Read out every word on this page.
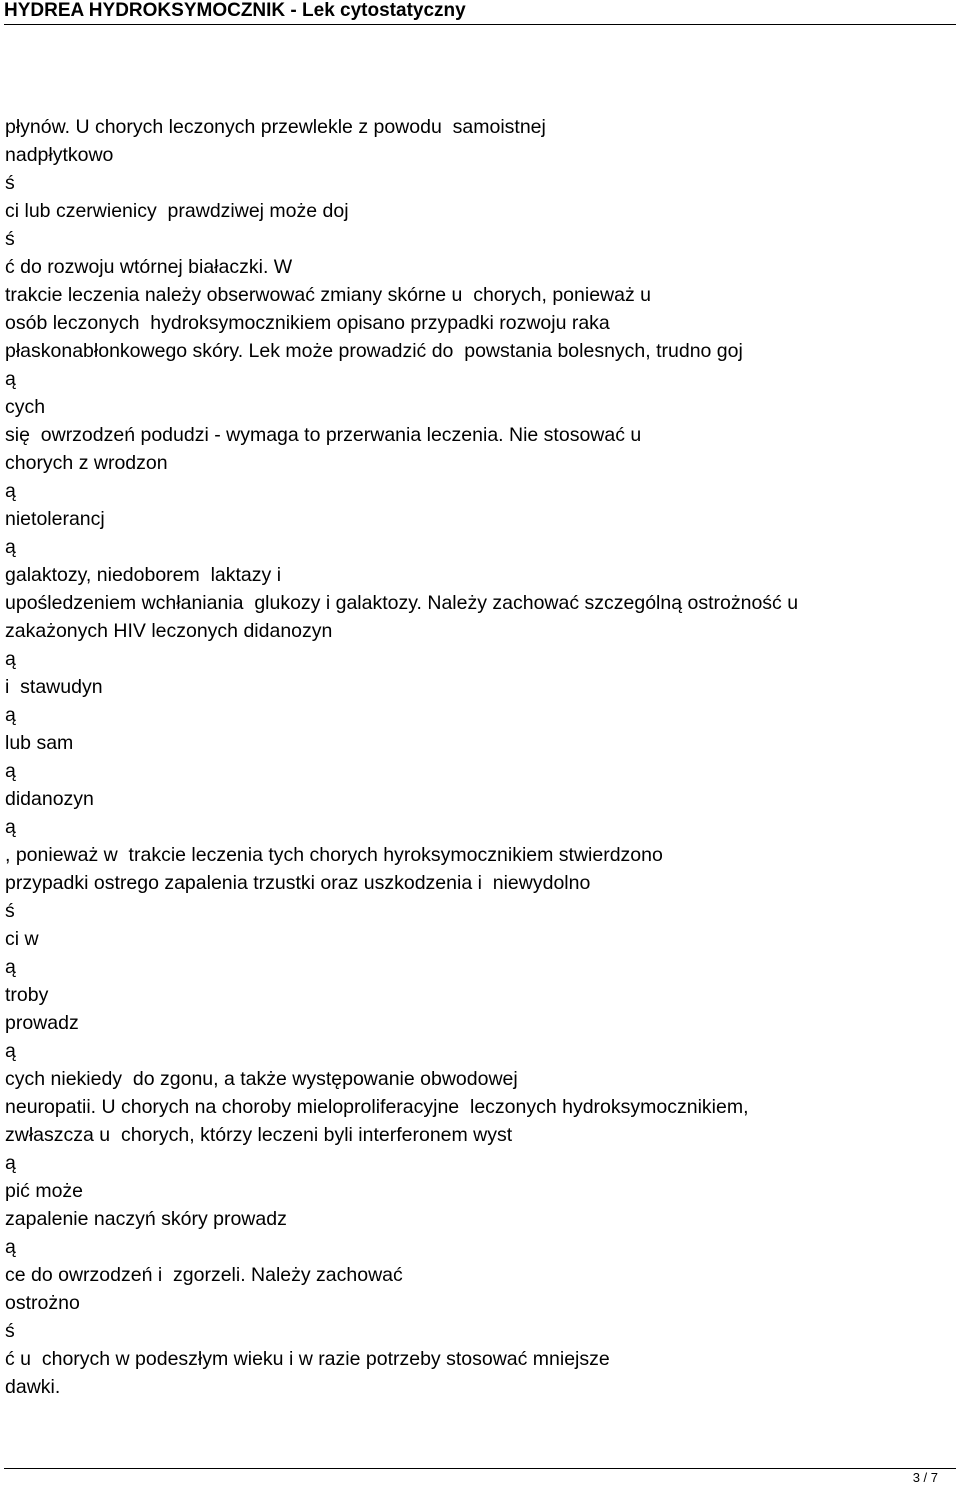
HYDREA HYDROKSYMOCZNIK - Lek cytostatyczny
płynów. U chorych leczonych przewlekle z powodu  samoistnej
nadpłytkowo
ś
ci lub czerwienicy  prawdziwej może doj
ś
ć do rozwoju wtórnej białaczki. W
trakcie leczenia należy obserwować zmiany skórne u  chorych, ponieważ u
osób leczonych  hydroksymocznikiem opisano przypadki rozwoju raka
płaskonabłonkowego skóry. Lek może prowadzić do  powstania bolesnych, trudno goj
ą
cych
się  owrzodzeń podudzi - wymaga to przerwania leczenia. Nie stosować u
chorych z wrodzon
ą
nietolerancj
ą
galaktozy, niedoborem  laktazy i
upośledzeniem wchłaniania  glukozy i galaktozy. Należy zachować szczególną ostrożność u
zakażonych HIV leczonych didanozyn
ą
i  stawudyn
ą
lub sam
ą
didanozyn
ą
, ponieważ w  trakcie leczenia tych chorych hyroksymocznikiem stwierdzono
przypadki ostrego zapalenia trzustki oraz uszkodzenia i  niewydolno
ś
ci w
ą
troby
prowadz
ą
cych niekiedy  do zgonu, a także występowanie obwodowej
neuropatii. U chorych na choroby mieloproliferacyjne  leczonych hydroksymocznikiem,
zwłaszcza u  chorych, którzy leczeni byli interferonem wyst
ą
pić może
zapalenie naczyń skóry prowadz
ą
ce do owrzodzeń i  zgorzeli. Należy zachować
ostrożno
ś
ć u  chorych w podeszłym wieku i w razie potrzeby stosować mniejsze
dawki.
3 / 7
